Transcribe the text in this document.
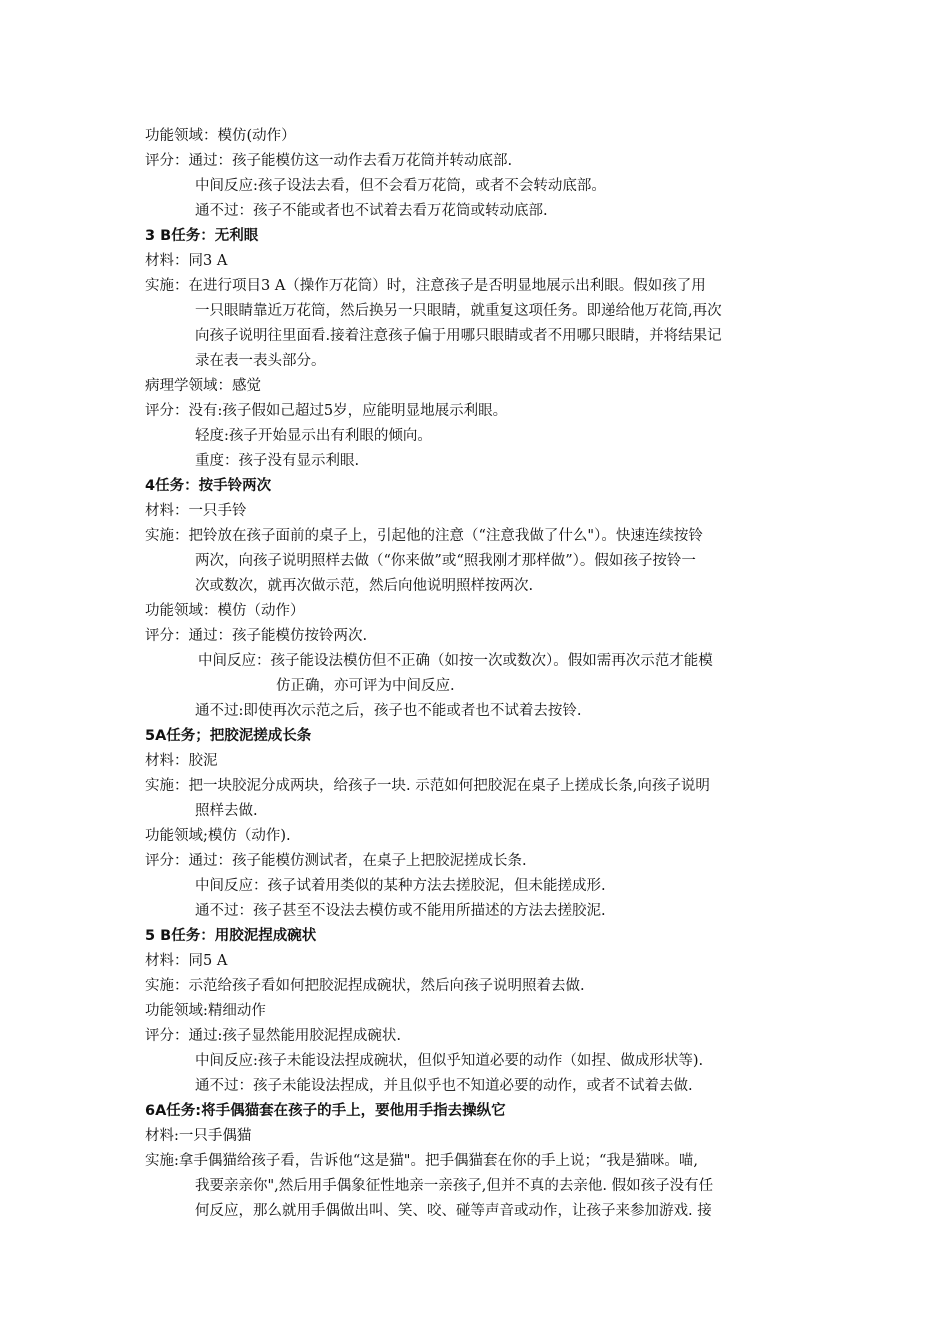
功能领域：模仿(动作）
评分：通过：孩子能模仿这一动作去看万花筒并转动底部.
中间反应:孩子设法去看，但不会看万花筒，或者不会转动底部。
通不过：孩子不能或者也不试着去看万花筒或转动底部.
3 B任务：无利眼
材料：同3 A
实施：在进行项目3 A（操作万花筒）时，注意孩子是否明显地展示出利眼。假如孩了用
一只眼睛靠近万花筒，然后换另一只眼睛，就重复这项任务。即递给他万花筒,再次
向孩子说明往里面看.接着注意孩子偏于用哪只眼睛或者不用哪只眼睛，并将结果记
录在表一表头部分。
病理学领域：感觉
评分：没有:孩子假如己超过5岁，应能明显地展示利眼。
轻度:孩子开始显示出有利眼的倾向。
重度：孩子没有显示利眼.
4任务：按手铃两次
材料：一只手铃
实施：把铃放在孩子面前的桌子上，引起他的注意（“注意我做了什么"）。快速连续按铃
两次，向孩子说明照样去做（“你来做”或“照我刚才那样做”）。假如孩子按铃一
次或数次，就再次做示范，然后向他说明照样按两次.
功能领域：模仿（动作）
评分：通过：孩子能模仿按铃两次.
中间反应：孩子能设法模仿但不正确（如按一次或数次）。假如需再次示范才能模
仿正确，亦可评为中间反应.
通不过:即使再次示范之后，孩子也不能或者也不试着去按铃.
5A任务；把胶泥搓成长条
材料：胶泥
实施：把一块胶泥分成两块，给孩子一块. 示范如何把胶泥在桌子上搓成长条,向孩子说明
照样去做.
功能领域;模仿（动作).
评分：通过：孩子能模仿测试者，在桌子上把胶泥搓成长条.
中间反应：孩子试着用类似的某种方法去搓胶泥，但未能搓成形.
通不过：孩子甚至不设法去模仿或不能用所描述的方法去搓胶泥.
5 B任务：用胶泥捏成碗状
材料：同5 A
实施：示范给孩子看如何把胶泥捏成碗状，然后向孩子说明照着去做.
功能领域:精细动作
评分：通过:孩子显然能用胶泥捏成碗状.
中间反应:孩子未能设法捏成碗状，但似乎知道必要的动作（如捏、做成形状等).
通不过：孩子未能设法捏成，并且似乎也不知道必要的动作，或者不试着去做.
6A任务:将手偶猫套在孩子的手上，要他用手指去操纵它
材料:一只手偶猫
实施:拿手偶猫给孩子看，告诉他“这是猫"。把手偶猫套在你的手上说；“我是猫咪。喵,
我要亲亲你",然后用手偶象征性地亲一亲孩子,但并不真的去亲他. 假如孩子没有任
何反应，那么就用手偶做出叫、笑、咬、碰等声音或动作，让孩子来参加游戏. 接
